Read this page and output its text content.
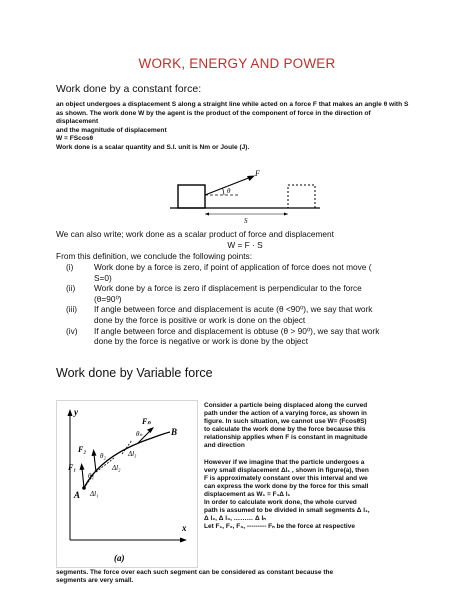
WORK, ENERGY AND POWER
Work done by a constant force:
an object undergoes a displacement S along a straight line while acted on a force F that makes an angle θ with S
as shown. The work done W by the agent is the product of the component of force in the direction of
displacement
and the magnitude of displacement
W = FScosθ
Work done is a scalar quantity and S.I. unit is Nm or Joule (J).
F
θ
S
We can also write; work done as a scalar product of force and displacement
W = F · S
From this definition, we conclude the following points:
(i)	Work done by a force is zero, if point of application of force does not move (
S=0)
(ii)	Work done by a force is zero if displacement is perpendicular to the force
(θ=90⁰)
(iii)	If angle between force and displacement is acute (θ <90⁰), we say that work
done by the force is positive or work is done on the object
(iv)	If angle between force and displacement is obtuse (θ > 90⁰), we say that work
done by the force is negative or work is done by the object
Work done by Variable force
y
x
A
B
F₁
F₂
Fₙ
θ₁
θ₂
θₙ
Δl₁
Δl₂
Δl₃
(a)
Consider a particle being displaced along the curved
path under the action of a varying force, as shown in
figure. In such situation, we cannot use W= (FcosθS)
to calculate the work done by the force because this
relationship applies when F is constant in magnitude
and direction
However if we imagine that the particle undergoes a
very small displacement Δl₁ , shown in figure(a), then
F is approximately constant over this interval and we
can express the work done by the force for this small
displacement as W₁ = F₁Δ l₁
In order to calculate work done, the whole curved
path is assumed to be divided in small segments Δ l₁,
Δ l₂, Δ l₃, ……… Δ lₙ
Let F₁, F₂, F₃, --------- Fₙ be the force at respective
segments. The force over each such segment can be considered as constant because the
segments are very small.
